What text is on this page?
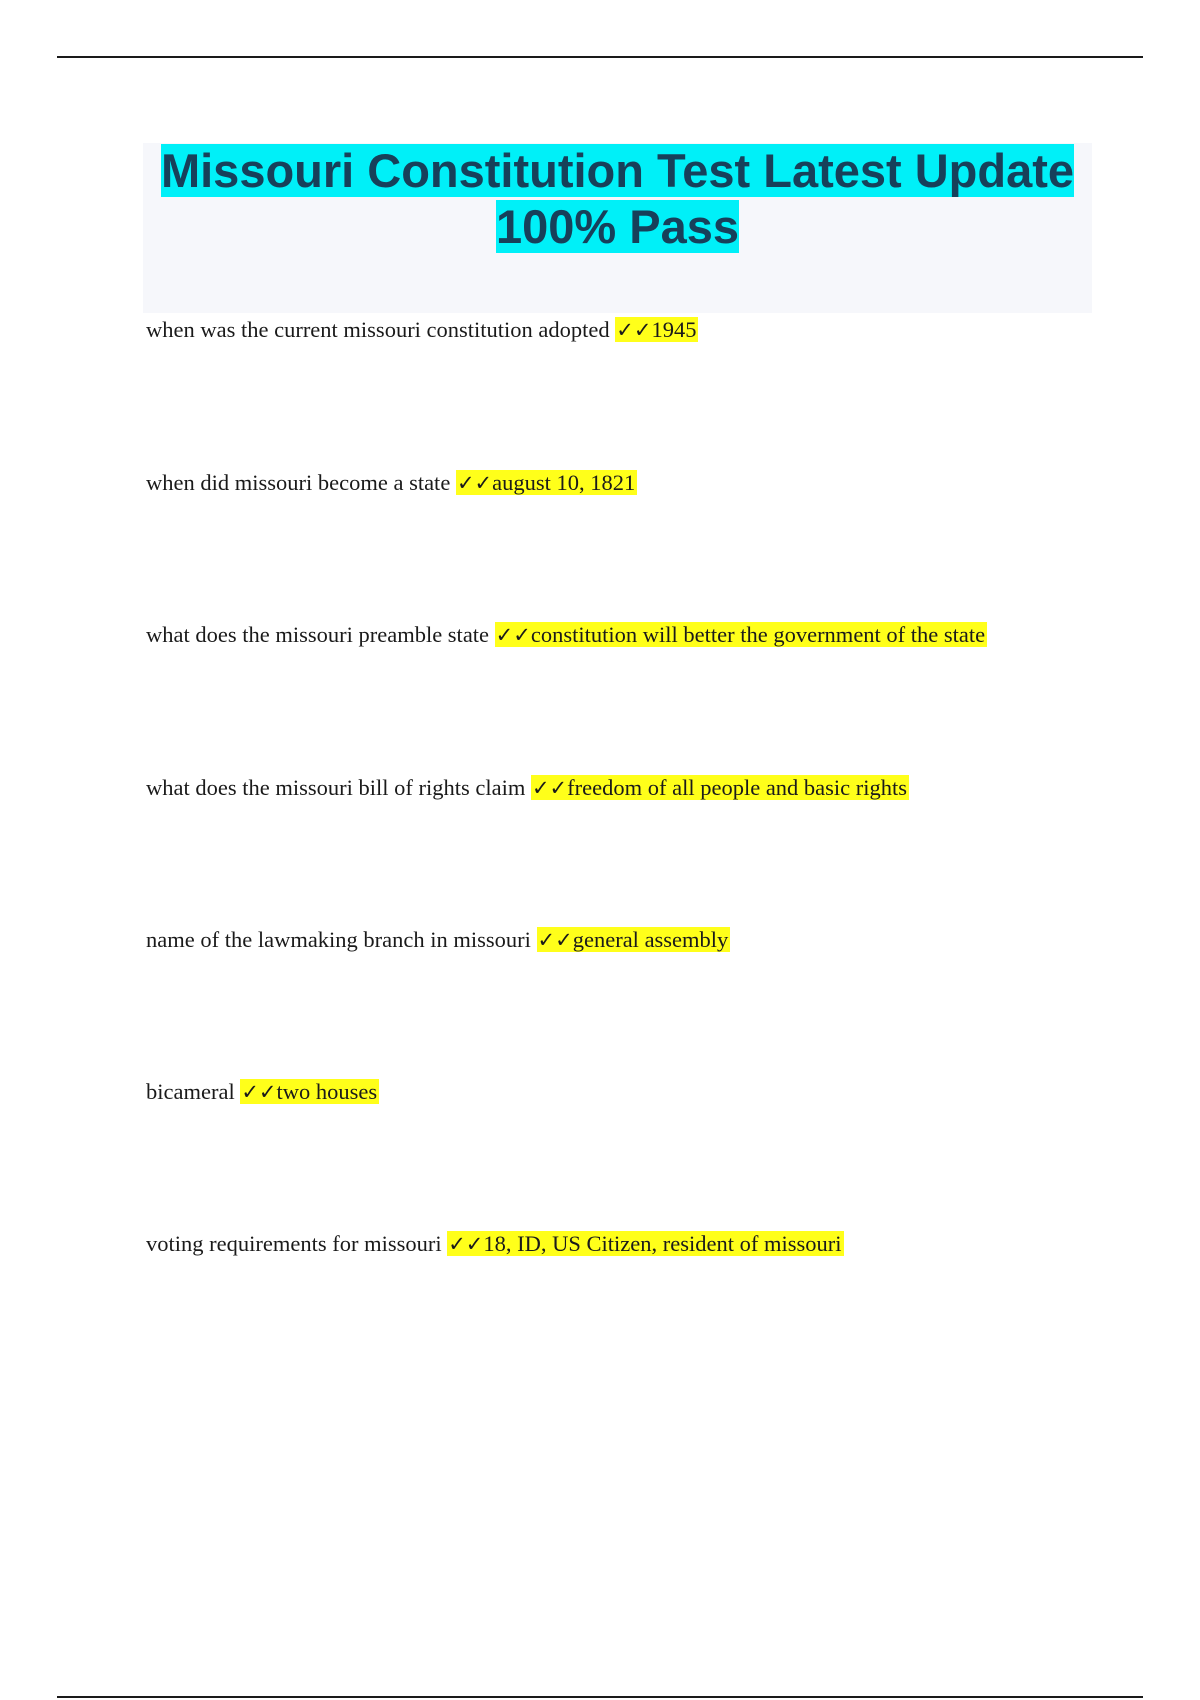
Missouri Constitution Test Latest Update 100% Pass
when was the current missouri constitution adopted ✓✓1945
when did missouri become a state ✓✓august 10, 1821
what does the missouri preamble state ✓✓constitution will better the government of the state
what does the missouri bill of rights claim ✓✓freedom of all people and basic rights
name of the lawmaking branch in missouri ✓✓general assembly
bicameral ✓✓two houses
voting requirements for missouri ✓✓18, ID, US Citizen, resident of missouri
